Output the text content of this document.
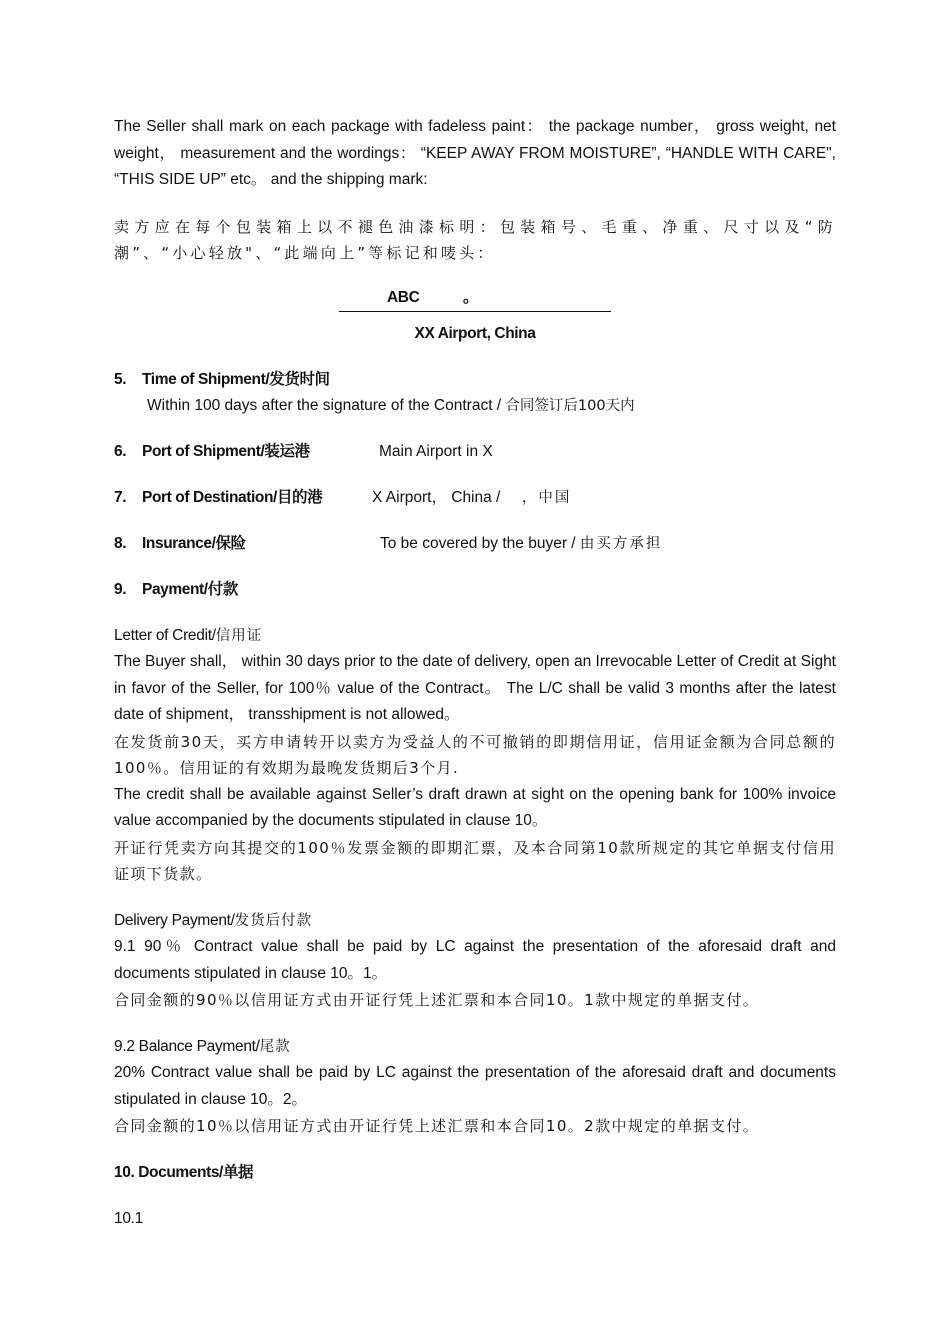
The Seller shall mark on each package with fadeless paint： the package number， gross weight, net weight， measurement and the wordings： “KEEP AWAY FROM MOISTURE”, “HANDLE WITH CARE", “THIS SIDE UP” etc。 and the shipping mark:

卖方应在每个包装箱上以不褪色油漆标明：包装箱号、毛重、净重、尺寸以及“防潮”、“小心轻放"、“此端向上”等标记和唛头：

ABC	。
XX Airport, China
5. Time of Shipment/发货时间
Within 100 days after the signature of the Contract / 合同签订后100天内
6. Port of Shipment/装运港	Main Airport in X
7. Port of Destination/目的港	X Airport， China / ，中国
8. Insurance/保险	To be covered by the buyer / 由买方承担
9. Payment/付款
Letter of Credit/信用证

The Buyer shall， within 30 days prior to the date of delivery, open an Irrevocable Letter of Credit at Sight in favor of the Seller, for 100％ value of the Contract。 The L/C shall be valid 3 months after the latest date of shipment， transshipment is not allowed。

在发货前30天，买方申请转开以卖方为受益人的不可撤销的即期信用证，信用证金额为合同总额的100％。信用证的有效期为最晚发货期后3个月.

The credit shall be available against Seller’s draft drawn at sight on the opening bank for 100% invoice value accompanied by the documents stipulated in clause 10。

开证行凭卖方向其提交的100％发票金额的即期汇票，及本合同第10款所规定的其它单据支付信用证项下货款。

Delivery Payment/发货后付款

9.1 90％ Contract value shall be paid by LC against the presentation of the aforesaid draft and documents stipulated in clause 10。1。

合同金额的90％以信用证方式由开证行凭上述汇票和本合同10。1款中规定的单据支付。

9.2 Balance Payment/尾款

20% Contract value shall be paid by LC against the presentation of the aforesaid draft and documents stipulated in clause 10。2。

合同金额的10％以信用证方式由开证行凭上述汇票和本合同10。2款中规定的单据支付。

10. Documents/单据
10.1
